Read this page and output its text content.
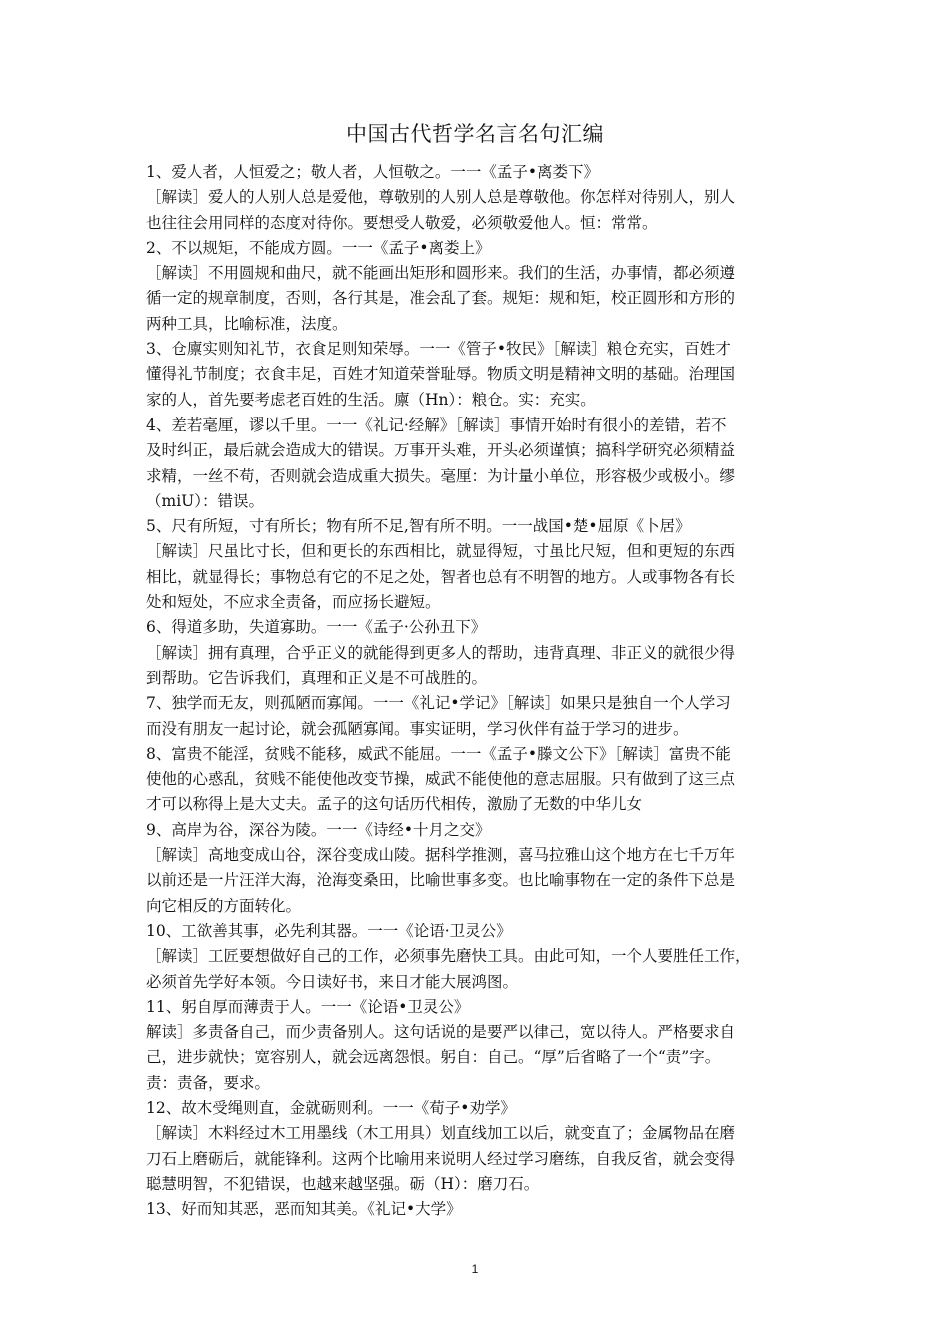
中国古代哲学名言名句汇编
1、爱人者，人恒爱之；敬人者，人恒敬之。一一《孟子•离娄下》
［解读］爱人的人别人总是爱他，尊敬别的人别人总是尊敬他。你怎样对待别人，别人
也往往会用同样的态度对待你。要想受人敬爱，必须敬爱他人。恒：常常。
2、不以规矩，不能成方圆。一一《孟子•离娄上》
［解读］不用圆规和曲尺，就不能画出矩形和圆形来。我们的生活，办事情，都必须遵
循一定的规章制度，否则，各行其是，准会乱了套。规矩：规和矩，校正圆形和方形的
两种工具，比喻标准，法度。
3、仓廪实则知礼节，衣食足则知荣辱。一一《管子•牧民》［解读］粮仓充实，百姓才
懂得礼节制度；衣食丰足，百姓才知道荣誉耻辱。物质文明是精神文明的基础。治理国
家的人，首先要考虑老百姓的生活。廪（Hn）：粮仓。实：充实。
4、差若毫厘，谬以千里。一一《礼记·经解》［解读］事情开始时有很小的差错，若不
及时纠正，最后就会造成大的错误。万事开头难，开头必须谨慎；搞科学研究必须精益
求精，一丝不苟，否则就会造成重大损失。毫厘：为计量小单位，形容极少或极小。缪
（miU）：错误。
5、尺有所短，寸有所长；物有所不足,智有所不明。一一战国•楚•屈原《卜居》
［解读］尺虽比寸长，但和更长的东西相比，就显得短，寸虽比尺短，但和更短的东西
相比，就显得长；事物总有它的不足之处，智者也总有不明智的地方。人或事物各有长
处和短处，不应求全责备，而应扬长避短。
6、得道多助，失道寡助。一一《孟子·公孙丑下》
［解读］拥有真理，合乎正义的就能得到更多人的帮助，违背真理、非正义的就很少得
到帮助。它告诉我们，真理和正义是不可战胜的。
7、独学而无友，则孤陋而寡闻。一一《礼记•学记》［解读］如果只是独自一个人学习
而没有朋友一起讨论，就会孤陋寡闻。事实证明，学习伙伴有益于学习的进步。
8、富贵不能淫，贫贱不能移，威武不能屈。一一《孟子•滕文公下》［解读］富贵不能
使他的心惑乱，贫贱不能使他改变节操，威武不能使他的意志屈服。只有做到了这三点
才可以称得上是大丈夫。孟子的这句话历代相传，激励了无数的中华儿女
9、高岸为谷，深谷为陵。一一《诗经•十月之交》
［解读］高地变成山谷，深谷变成山陵。据科学推测，喜马拉雅山这个地方在七千万年
以前还是一片汪洋大海，沧海变桑田，比喻世事多变。也比喻事物在一定的条件下总是
向它相反的方面转化。
10、工欲善其事，必先利其器。一一《论语·卫灵公》
［解读］工匠要想做好自己的工作，必须事先磨快工具。由此可知，一个人要胜任工作，
必须首先学好本领。今日读好书，来日才能大展鸿图。
11、躬自厚而薄责于人。一一《论语•卫灵公》
解读］多责备自己，而少责备别人。这句话说的是要严以律己，宽以待人。严格要求自
己，进步就快；宽容别人，就会远离怨恨。躬自：自己。“厚”后省略了一个“责”字。
责：责备，要求。
12、故木受绳则直，金就砺则利。一一《荀子•劝学》
［解读］木料经过木工用墨线（木工用具）划直线加工以后，就变直了；金属物品在磨
刀石上磨砺后，就能锋利。这两个比喻用来说明人经过学习磨练，自我反省，就会变得
聪慧明智，不犯错误，也越来越坚强。砺（H）：磨刀石。
13、好而知其恶，恶而知其美。《礼记•大学》
1
